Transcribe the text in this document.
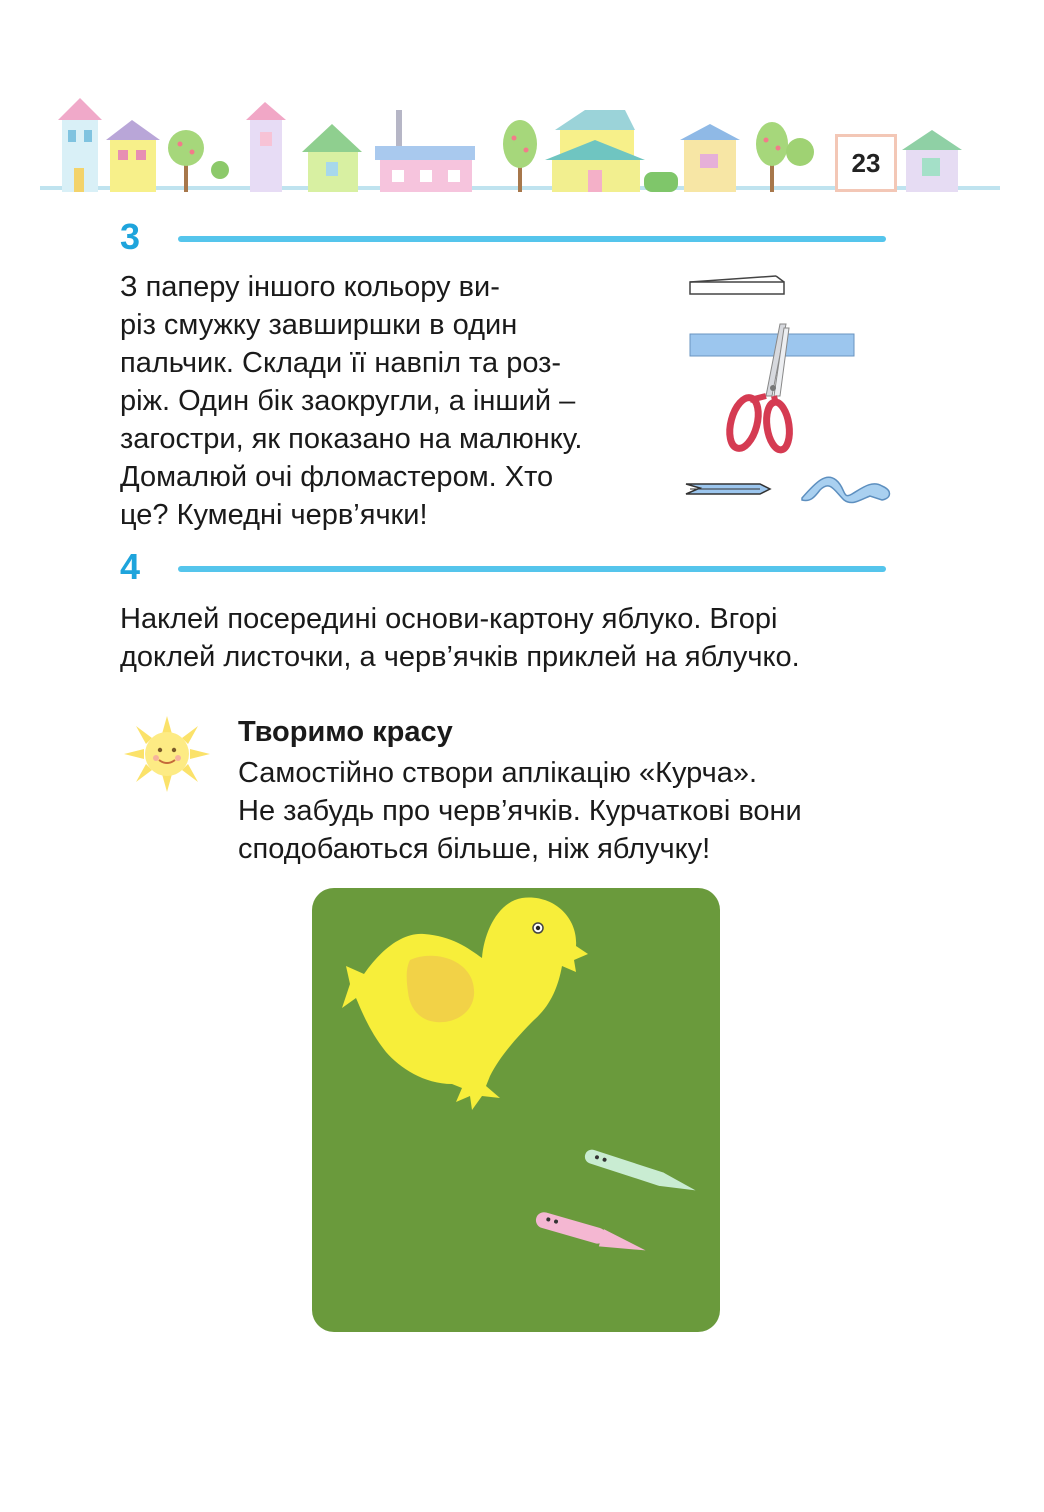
23
3
З паперу іншого кольору ви-
різ смужку завширшки в один
пальчик. Склади її навпіл та роз-
ріж. Один бік заокругли, а інший –
загостри, як показано на малюнку.
Домалюй очі фломастером. Хто
це? Кумедні черв’ячки!
4
Наклей посередині основи-картону яблуко. Вгорі
доклей листочки, а черв’ячків приклей на яблучко.
Творимо красу
Самостійно створи аплікацію «Курча».
Не забудь про черв’ячків. Курчаткові вони
сподобаються більше, ніж яблучку!
